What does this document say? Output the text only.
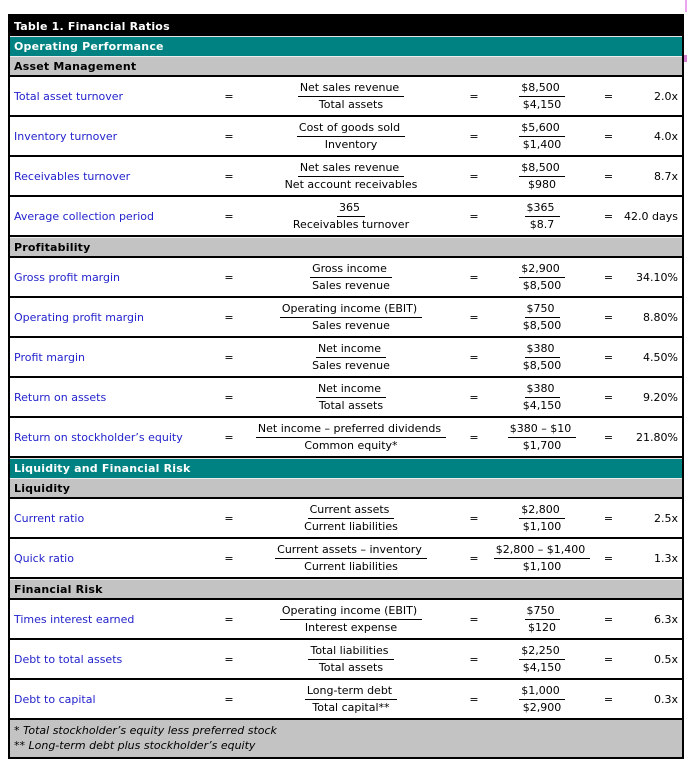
Table 1. Financial Ratios
Operating Performance
Asset Management
Total asset turnover	=	$\frac{\text{Net sales revenue}}{\text{Total assets}}$	=	$\frac{\$8,500}{\$4,150}$	=	2.0x
Inventory turnover	=	$\frac{\text{Cost of goods sold}}{\text{Inventory}}$	=	$\frac{\$5,600}{\$1,400}$	=	4.0x
Receivables turnover	=	$\frac{\text{Net sales revenue}}{\text{Net account receivables}}$	=	$\frac{\$8,500}{\$980}$	=	8.7x
Average collection period	=	$\frac{365}{\text{Receivables turnover}}$	=	$\frac{\$365}{\$8.7}$	= 42.0 days
Profitability
Gross profit margin	=	$\frac{\text{Gross income}}{\text{Sales revenue}}$	=	$\frac{\$2,900}{\$8,500}$	=	34.10%
Operating profit margin	=	$\frac{\text{Operating income (EBIT)}}{\text{Sales revenue}}$	=	$\frac{\$750}{\$8,500}$	=	8.80%
Profit margin	=	$\frac{\text{Net income}}{\text{Sales revenue}}$	=	$\frac{\$380}{\$8,500}$	=	4.50%
Return on assets	=	$\frac{\text{Net income}}{\text{Total assets}}$	=	$\frac{\$380}{\$4,150}$	=	9.20%
Return on stockholder’s equity	= $\frac{\text{Net income – preferred dividends}}{\text{Common equity*}}$ =	$\frac{\$380 - \$10}{\$1,700}$	=	21.80%
Liquidity and Financial Risk
Liquidity
Current ratio	=	$\frac{\text{Current assets}}{\text{Current liabilities}}$	=	$\frac{\$2,800}{\$1,100}$	=	2.5x
Quick ratio	=	$\frac{\text{Current assets – inventory}}{\text{Current liabilities}}$	= $\frac{\$2,800 - \$1,400}{\$1,100}$ =	1.3x
Financial Risk
Times interest earned	=	$\frac{\text{Operating income (EBIT)}}{\text{Interest expense}}$	=	$\frac{\$750}{\$120}$	=	6.3x
Debt to total assets	=	$\frac{\text{Total liabilities}}{\text{Total assets}}$	=	$\frac{\$2,250}{\$4,150}$	=	0.5x
Debt to capital	=	$\frac{\text{Long-term debt}}{\text{Total capital**}}$	=	$\frac{\$1,000}{\$2,900}$	=	0.3x
* Total stockholder’s equity less preferred stock
** Long-term debt plus stockholder’s equity
